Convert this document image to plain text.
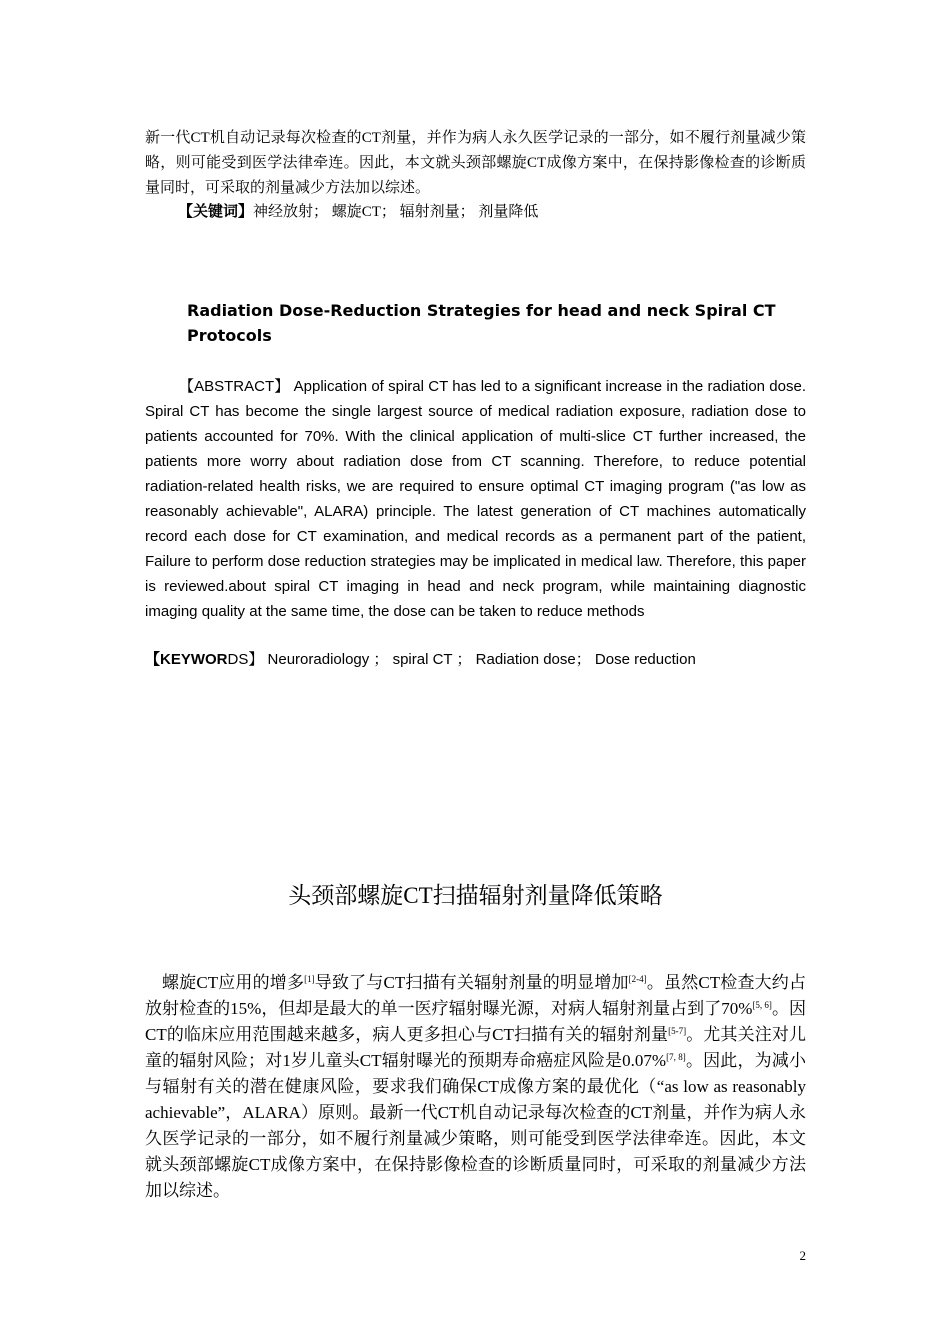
新一代CT机自动记录每次检查的CT剂量，并作为病人永久医学记录的一部分，如不履行剂量减少策略，则可能受到医学法律牵连。因此，本文就头颈部螺旋CT成像方案中，在保持影像检查的诊断质量同时，可采取的剂量减少方法加以综述。
【关键词】神经放射； 螺旋CT； 辐射剂量； 剂量降低
Radiation Dose-Reduction Strategies for head and neck Spiral CT Protocols
【ABSTRACT】 Application of spiral CT has led to a significant increase in the radiation dose. Spiral CT has become the single largest source of medical radiation exposure, radiation dose to patients accounted for 70%. With the clinical application of multi-slice CT further increased, the patients more worry about radiation dose from CT scanning. Therefore, to reduce potential radiation-related health risks, we are required to ensure optimal CT imaging program ("as low as reasonably achievable", ALARA) principle. The latest generation of CT machines automatically record each dose for CT examination, and medical records as a permanent part of the patient, Failure to perform dose reduction strategies may be implicated in medical law. Therefore, this paper is reviewed.about spiral CT imaging in head and neck program, while maintaining diagnostic imaging quality at the same time, the dose can be taken to reduce methods
【KEYWORDS】 Neuroradiology ； spiral CT ； Radiation dose； Dose reduction
头颈部螺旋CT扫描辐射剂量降低策略
螺旋CT应用的增多[1]导致了与CT扫描有关辐射剂量的明显增加[2-4]。虽然CT检查大约占放射检查的15%，但却是最大的单一医疗辐射曝光源，对病人辐射剂量占到了70%[5, 6]。因CT的临床应用范围越来越多，病人更多担心与CT扫描有关的辐射剂量[5-7]。尤其关注对儿童的辐射风险；对1岁儿童头CT辐射曝光的预期寿命癌症风险是0.07%[7, 8]。因此，为减小与辐射有关的潜在健康风险，要求我们确保CT成像方案的最优化（“as low as reasonably achievable”，ALARA）原则。最新一代CT机自动记录每次检查的CT剂量，并作为病人永久医学记录的一部分，如不履行剂量减少策略，则可能受到医学法律牵连。因此，本文就头颈部螺旋CT成像方案中，在保持影像检查的诊断质量同时，可采取的剂量减少方法加以综述。
2
